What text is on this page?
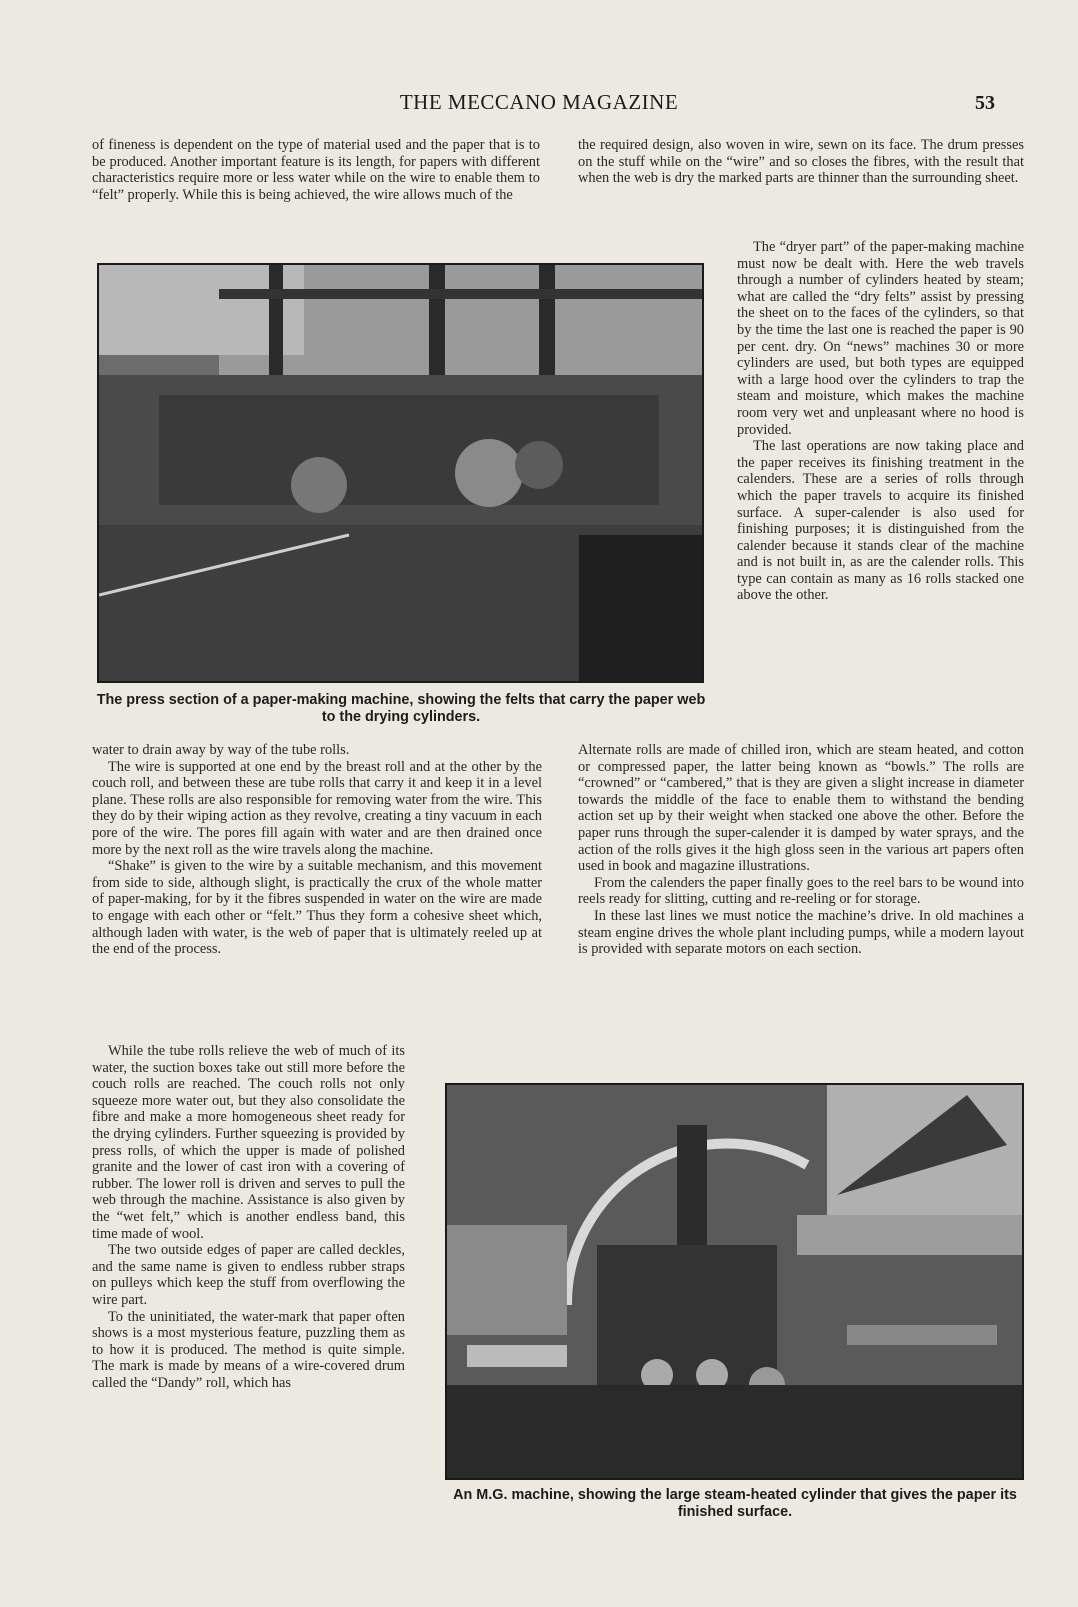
THE MECCANO MAGAZINE	53

of fineness is dependent on the type of material used and the paper that is to be produced. Another important feature is its length, for papers with different characteristics require more or less water while on the wire to enable them to “felt” properly. While this is being achieved, the wire allows much of the

the required design, also woven in wire, sewn on its face. The drum presses on the stuff while on the “wire” and so closes the fibres, with the result that when the web is dry the marked parts are thinner than the surrounding sheet.

The press section of a paper-making machine, showing the felts that carry the paper web to the drying cylinders.

The “dryer part” of the paper-making machine must now be dealt with. Here the web travels through a number of cylinders heated by steam; what are called the “dry felts” assist by pressing the sheet on to the faces of the cylinders, so that by the time the last one is reached the paper is 90 per cent. dry. On “news” machines 30 or more cylinders are used, but both types are equipped with a large hood over the cylinders to trap the steam and moisture, which makes the machine room very wet and unpleasant where no hood is provided.

The last operations are now taking place and the paper receives its finishing treatment in the calenders. These are a series of rolls through which the paper travels to acquire its finished surface. A super-calender is also used for finishing purposes; it is distinguished from the calender because it stands clear of the machine and is not built in, as are the calender rolls. This type can contain as many as 16 rolls stacked one above the other.

water to drain away by way of the tube rolls.

The wire is supported at one end by the breast roll and at the other by the couch roll, and between these are tube rolls that carry it and keep it in a level plane. These rolls are also responsible for removing water from the wire. This they do by their wiping action as they revolve, creating a tiny vacuum in each pore of the wire. The pores fill again with water and are then drained once more by the next roll as the wire travels along the machine.

“Shake” is given to the wire by a suitable mechanism, and this movement from side to side, although slight, is practically the crux of the whole matter of paper-making, for by it the fibres suspended in water on the wire are made to engage with each other or “felt.” Thus they form a cohesive sheet which, although laden with water, is the web of paper that is ultimately reeled up at the end of the process.

Alternate rolls are made of chilled iron, which are steam heated, and cotton or compressed paper, the latter being known as “bowls.” The rolls are “crowned” or “cambered,” that is they are given a slight increase in diameter towards the middle of the face to enable them to withstand the bending action set up by their weight when stacked one above the other. Before the paper runs through the super-calender it is damped by water sprays, and the action of the rolls gives it the high gloss seen in the various art papers often used in book and magazine illustrations.

From the calenders the paper finally goes to the reel bars to be wound into reels ready for slitting, cutting and re-reeling or for storage.

In these last lines we must notice the machine’s drive. In old machines a steam engine drives the whole plant including pumps, while a modern layout is provided with separate motors on each section.

While the tube rolls relieve the web of much of its water, the suction boxes take out still more before the couch rolls are reached. The couch rolls not only squeeze more water out, but they also consolidate the fibre and make a more homogeneous sheet ready for the drying cylinders. Further squeezing is provided by press rolls, of which the upper is made of polished granite and the lower of cast iron with a covering of rubber. The lower roll is driven and serves to pull the web through the machine. Assistance is also given by the “wet felt,” which is another endless band, this time made of wool.

The two outside edges of paper are called deckles, and the same name is given to endless rubber straps on pulleys which keep the stuff from overflowing the wire part.

To the uninitiated, the water-mark that paper often shows is a most mysterious feature, puzzling them as to how it is produced. The method is quite simple. The mark is made by means of a wire-covered drum called the “Dandy” roll, which has

An M.G. machine, showing the large steam-heated cylinder that gives the paper its finished surface.
